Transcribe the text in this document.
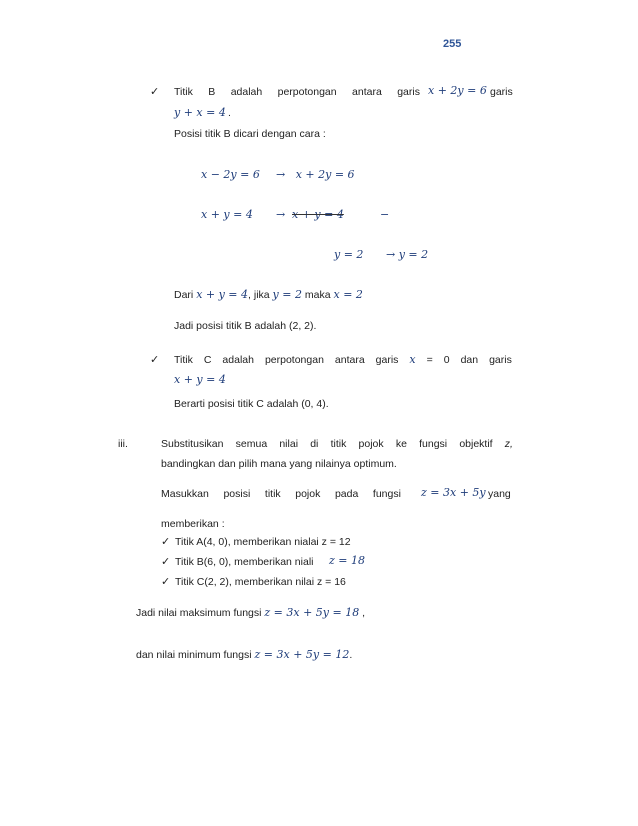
255
✓ Titik B adalah perpotongan antara garis x + 2y = 6 garis
y + x = 4 .
Posisi titik B dicari dengan cara :
x − 2y = 6 →   x + 2y = 6
x + y = 4 → x + y = 4	−
y = 2 → y = 2
Dari x + y = 4, jika y = 2 maka x = 2
Jadi posisi titik B adalah (2, 2).
✓ Titik C adalah perpotongan antara garis x = 0 dan garis
x + y = 4
Berarti posisi titik C adalah (0, 4).
iii.	Substitusikan semua nilai di titik pojok ke fungsi objektif z,
bandingkan dan pilih mana yang nilainya optimum.
Masukkan posisi titik pojok pada fungsi z = 3x + 5y yang
memberikan :
✓ Titik A(4, 0), memberikan nialai z = 12
✓ Titik B(6, 0), memberikan niali z = 18
✓ Titik C(2, 2), memberikan nilai z = 16
Jadi nilai maksimum fungsi z = 3x + 5y = 18 ,
dan nilai minimum fungsi z = 3x + 5y = 12.
